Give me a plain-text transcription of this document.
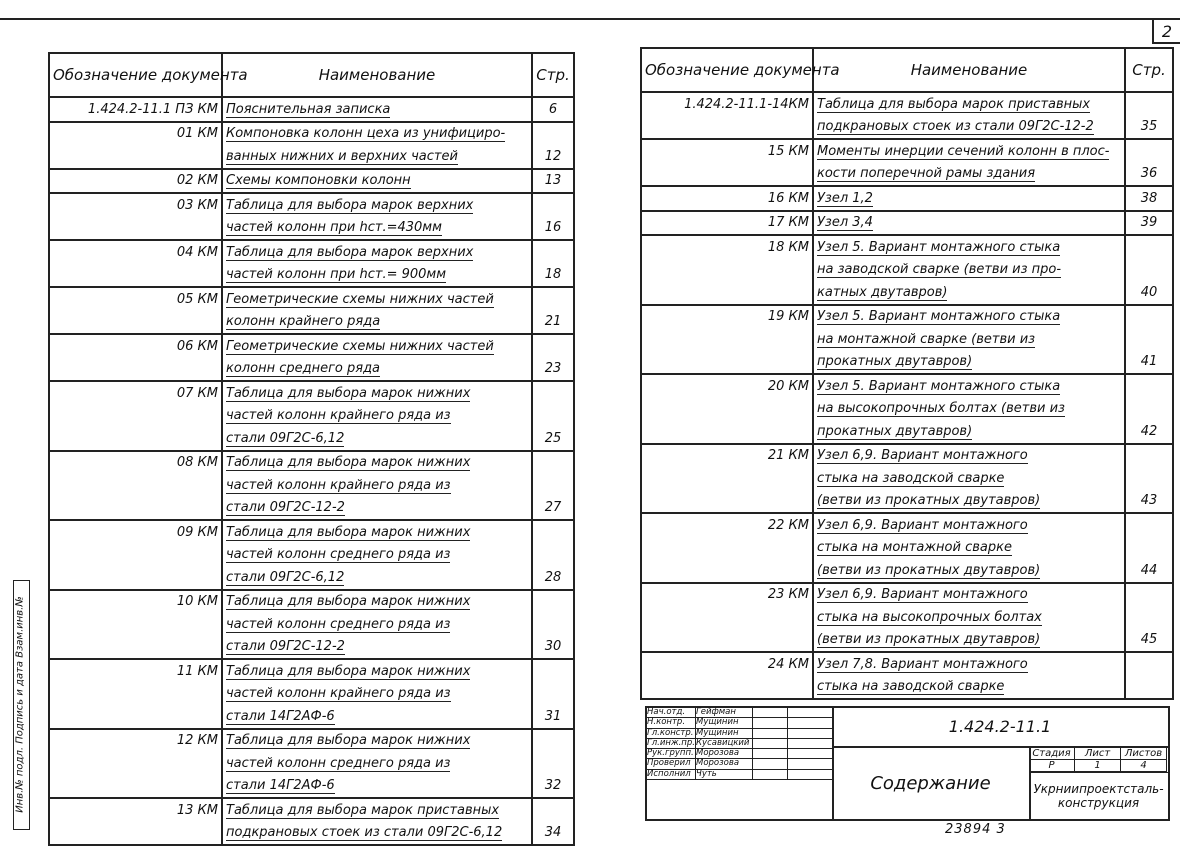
2
Обозначение документа	Наименование	Стр.
1.424.2-11.1 ПЗ КМ	Пояснительная записка	6
01 КМ	Компоновка колонн цеха из унифициро-	
	ванных нижних и верхних частей	12
02 КМ	Схемы компоновки колонн	13
03 КМ	Таблица для выбора марок верхних	
	частей колонн при hст.=430мм	16
04 КМ	Таблица для выбора марок верхних	
	частей колонн при hст.= 900мм	18
05 КМ	Геометрические схемы нижних частей	
	колонн крайнего ряда	21
06 КМ	Геометрические схемы нижних частей	
	колонн среднего ряда	23
07 КМ	Таблица для выбора марок нижних	
	частей колонн крайнего ряда из	
	стали 09Г2С-6,12	25
08 КМ	Таблица для выбора марок нижних	
	частей колонн крайнего ряда из	
	стали 09Г2С-12-2	27
09 КМ	Таблица для выбора марок нижних	
	частей колонн среднего ряда из	
	стали 09Г2С-6,12	28
10 КМ	Таблица для выбора марок нижних	
	частей колонн среднего ряда из	
	стали 09Г2С-12-2	30
11 КМ	Таблица для выбора марок нижних	
	частей колонн крайнего ряда из	
	стали 14Г2АФ-6	31
12 КМ	Таблица для выбора марок нижних	
	частей колонн среднего ряда из	
	стали 14Г2АФ-6	32
13 КМ	Таблица для выбора марок приставных	
	подкрановых стоек из стали 09Г2С-6,12	34
Обозначение документа	Наименование	Стр.
1.424.2-11.1-14КМ	Таблица для выбора марок приставных	
	подкрановых стоек из стали 09Г2С-12-2	35
15 КМ	Моменты инерции сечений колонн в плос-	
	кости поперечной рамы здания	36
16 КМ	Узел 1,2	38
17 КМ	Узел 3,4	39
18 КМ	Узел 5. Вариант монтажного стыка	
	на заводской сварке (ветви из про-	
	катных двутавров)	40
19 КМ	Узел 5. Вариант монтажного стыка	
	на монтажной сварке (ветви из	
	прокатных двутавров)	41
20 КМ	Узел 5. Вариант монтажного стыка	
	на высокопрочных болтах (ветви из	
	прокатных двутавров)	42
21 КМ	Узел 6,9. Вариант монтажного	
	стыка на заводской сварке	
	(ветви из прокатных двутавров)	43
22 КМ	Узел 6,9. Вариант монтажного	
	стыка на монтажной сварке	
	(ветви из прокатных двутавров)	44
23 КМ	Узел 6,9. Вариант монтажного	
	стыка на высокопрочных болтах	
	(ветви из прокатных двутавров)	45
24 КМ	Узел 7,8. Вариант монтажного	
	стыка на заводской сварке	
Инв.№ подл. Подпись и дата Взам.инв.№	Нач.отд.	Гейфман
Н.контр.	Мущинин
Гл.констр. Мущинин
Гл.инж.пр. Кусавицкий
Рук.групп. Морозова
Проверил Морозова
Исполнил Чуть
1.424.2-11.1
Содержание
Стадия	Лист	Листов
Р	1	4
Укрниипроектсталь-
конструкция
23894 3
